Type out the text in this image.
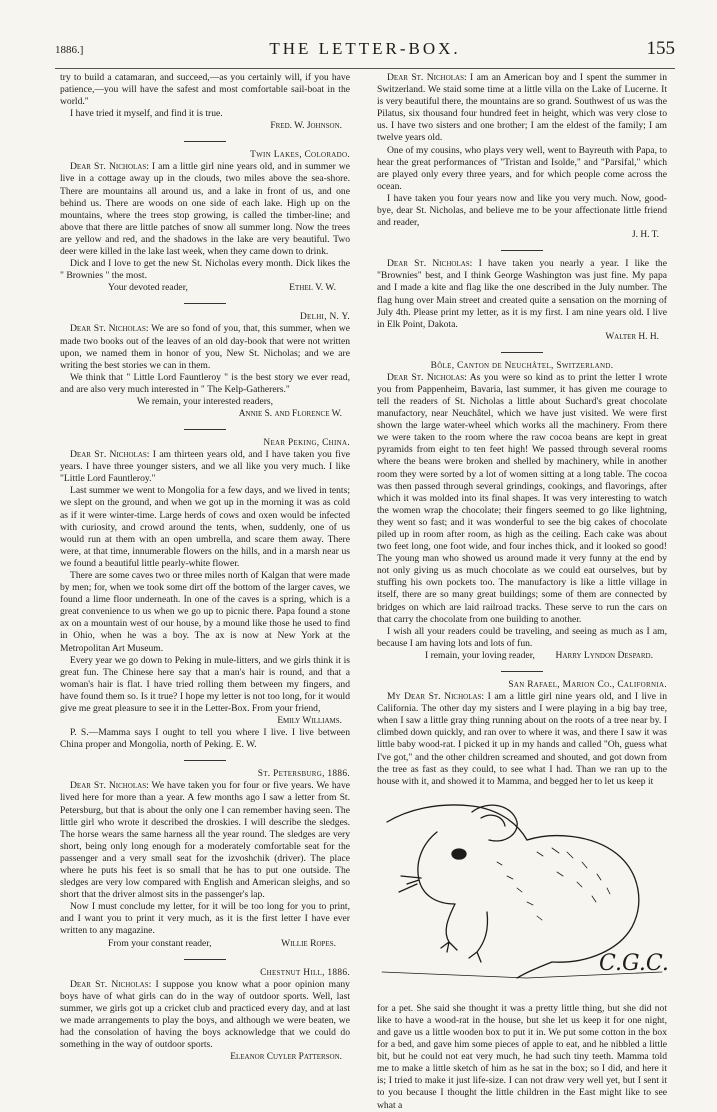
1886.]	THE LETTER-BOX.	155

try to build a catamaran, and succeed,—as you certainly will, if you have patience,—you will have the safest and most comfortable sail-boat in the world."

I have tried it myself, and find it is true.

Fred. W. Johnson.
Twin Lakes, Colorado.

Dear St. Nicholas: I am a little girl nine years old, and in summer we live in a cottage away up in the clouds, two miles above the sea-shore. There are mountains all around us, and a lake in front of us, and one behind us. There are woods on one side of each lake. High up on the mountains, where the trees stop growing, is called the timber-line; and above that there are little patches of snow all summer long. Now the trees are yellow and red, and the shadows in the lake are very beautiful. Two deer were killed in the lake last week, when they came down to drink.

Dick and I love to get the new St. Nicholas every month. Dick likes the " Brownies " the most.

Your devoted reader,	Ethel V. W.
Delhi, N. Y.

Dear St. Nicholas: We are so fond of you, that, this summer, when we made two books out of the leaves of an old day-book that were not written upon, we named them in honor of you, New St. Nicholas; and we are writing the best stories we can in them.

We think that " Little Lord Fauntleroy " is the best story we ever read, and are also very much interested in " The Kelp-Gatherers."

We remain, your interested readers,
Annie S. and Florence W.
Near Peking, China.

Dear St. Nicholas: I am thirteen years old, and I have taken you five years. I have three younger sisters, and we all like you very much. I like "Little Lord Fauntleroy."

Last summer we went to Mongolia for a few days, and we lived in tents; we slept on the ground, and when we got up in the morning it was as cold as if it were winter-time. Large herds of cows and oxen would be infected with curiosity, and crowd around the tents, when, suddenly, one of us would run at them with an open umbrella, and scare them away. There were, at that time, innumerable flowers on the hills, and in a marsh near us we found a beautiful little pearly-white flower.

There are some caves two or three miles north of Kalgan that were made by men; for, when we took some dirt off the bottom of the larger caves, we found a lime floor underneath. In one of the caves is a spring, which is a great convenience to us when we go up to picnic there. Papa found a stone ax on a mountain west of our house, by a mound like those he used to find in Ohio, when he was a boy. The ax is now at New York at the Metropolitan Art Museum.

Every year we go down to Peking in mule-litters, and we girls think it is great fun. The Chinese here say that a man's hair is round, and that a woman's hair is flat. I have tried rolling them between my fingers, and have found them so. Is it true? I hope my letter is not too long, for it would give me great pleasure to see it in the Letter-Box. From your friend,

Emily Williams.

P. S.—Mamma says I ought to tell you where I live. I live between China proper and Mongolia, north of Peking. E. W.

St. Petersburg, 1886.

Dear St. Nicholas: We have taken you for four or five years. We have lived here for more than a year. A few months ago I saw a letter from St. Petersburg, but that is about the only one I can remember having seen. The little girl who wrote it described the droskies. I will describe the sledges. The horse wears the same harness all the year round. The sledges are very short, being only long enough for a moderately comfortable seat for the passenger and a very small seat for the izvoshchik (driver). The place where he puts his feet is so small that he has to put one outside. The sledges are very low compared with English and American sleighs, and so short that the driver almost sits in the passenger's lap.

Now I must conclude my letter, for it will be too long for you to print, and I want you to print it very much, as it is the first letter I have ever written to any magazine.

From your constant reader,	Willie Ropes.
Chestnut Hill, 1886.

Dear St. Nicholas: I suppose you know what a poor opinion many boys have of what girls can do in the way of outdoor sports. Well, last summer, we girls got up a cricket club and practiced every day, and at last we made arrangements to play the boys, and although we were beaten, we had the consolation of having the boys acknowledge that we could do something in the way of outdoor sports.

Eleanor Cuyler Patterson.

Dear St. Nicholas: I am an American boy and I spent the summer in Switzerland. We staid some time at a little villa on the Lake of Lucerne. It is very beautiful there, the mountains are so grand. Southwest of us was the Pilatus, six thousand four hundred feet in height, which was very close to us. I have two sisters and one brother; I am the eldest of the family; I am twelve years old.

One of my cousins, who plays very well, went to Bayreuth with Papa, to hear the great performances of "Tristan and Isolde," and "Parsifal," which are played only every three years, and for which people come across the ocean.

I have taken you four years now and like you very much. Now, good-bye, dear St. Nicholas, and believe me to be your affectionate little friend and reader,

J. H. T.

Dear St. Nicholas: I have taken you nearly a year. I like the "Brownies" best, and I think George Washington was just fine. My papa and I made a kite and flag like the one described in the July number. The flag hung over Main street and created quite a sensation on the morning of July 4th. Please print my letter, as it is my first. I am nine years old. I live in Elk Point, Dakota.

Walter H. H.
Bôle, Canton de Neuchâtel, Switzerland.

Dear St. Nicholas: As you were so kind as to print the letter I wrote you from Pappenheim, Bavaria, last summer, it has given me courage to tell the readers of St. Nicholas a little about Suchard's great chocolate manufactory, near Neuchâtel, which we have just visited. We were first shown the large water-wheel which works all the machinery. From there we were taken to the room where the raw cocoa beans are kept in great pyramids from eight to ten feet high! We passed through several rooms where the beans were broken and shelled by machinery, while in another room they were sorted by a lot of women sitting at a long table. The cocoa was then passed through several grindings, cookings, and flavorings, after which it was molded into its final shapes. It was very interesting to watch the women wrap the chocolate; their fingers seemed to go like lightning, they went so fast; and it was wonderful to see the big cakes of chocolate piled up in room after room, as high as the ceiling. Each cake was about two feet long, one foot wide, and four inches thick, and it looked so good! The young man who showed us around made it very funny at the end by not only giving us as much chocolate as we could eat ourselves, but by stuffing his own pockets too. The manufactory is like a little village in itself, there are so many great buildings; some of them are connected by bridges on which are laid railroad tracks. These serve to run the cars on that carry the chocolate from one building to another.

I wish all your readers could be traveling, and seeing as much as I am, because I am having lots and lots of fun.

I remain, your loving reader, Harry Lyndon Despard.
San Rafael, Marion Co., California.

My Dear St. Nicholas: I am a little girl nine years old, and I live in California. The other day my sisters and I were playing in a big bay tree, when I saw a little gray thing running about on the roots of a tree near by. I climbed down quickly, and ran over to where it was, and there I saw it was little baby wood-rat. I picked it up in my hands and called "Oh, guess what I've got," and the other children screamed and shouted, and got down from the tree as fast as they could, to see what I had. Than we ran up to the house with it, and showed it to Mamma, and begged her to let us keep it

C.G.C.

for a pet. She said she thought it was a pretty little thing, but she did not like to have a wood-rat in the house, but she let us keep it for one night, and gave us a little wooden box to put it in. We put some cotton in the box for a bed, and gave him some pieces of apple to eat, and he nibbled a little bit, but he could not eat very much, he had such tiny teeth. Mamma told me to make a little sketch of him as he sat in the box; so I did, and here it is; I tried to make it just life-size. I can not draw very well yet, but I sent it to you because I thought the little children in the East might like to see what a
